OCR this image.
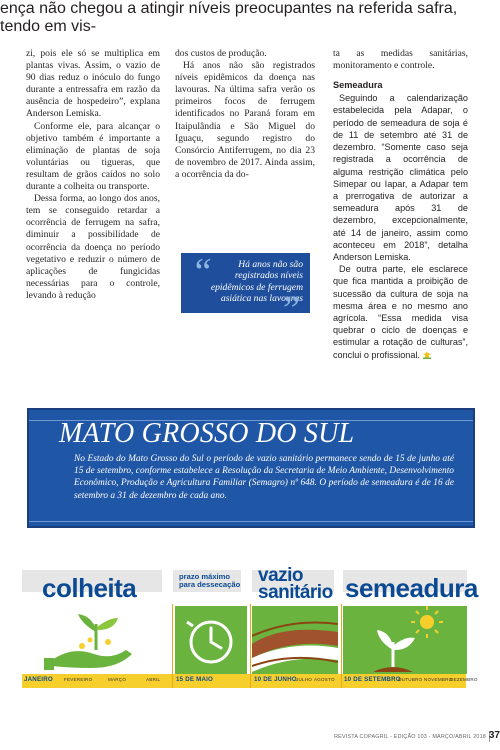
zi, pois ele só se multiplica em plantas vivas. Assim, o vazio de 90 dias reduz o inóculo do fungo durante a entressafra em razão da ausência de hospedeiro”, explana Anderson Lemiska.

Conforme ele, para alcançar o objetivo também é importante a eliminação de plantas de soja voluntárias ou tigueras, que resultam de grãos caídos no solo durante a colheita ou transporte.

Dessa forma, ao longo dos anos, tem se conseguido retardar a ocorrência de ferrugem na safra, diminuir a possibilidade de ocorrência da doença no período vegetativo e reduzir o número de aplicações de fungicidas necessárias para o controle, levando à redução

dos custos de produção.

Há anos não são registrados níveis epidêmicos da doença nas lavouras. Na última safra verão os primeiros focos de ferrugem identificados no Paraná foram em Itaipulândia e São Miguel do Iguaçu, segundo registro do Consórcio Antiferrugem, no dia 23 de novembro de 2017. Ainda assim, a ocorrência da do-

“	Há anos não são registrados níveis epidêmicos de ferrugem asiática nas lavouras
”
ença não chegou a atingir níveis preocupantes na referida safra, tendo em vis-

ta as medidas sanitárias, monitoramento e controle.

Semeadura

Seguindo a calendarização estabelecida pela Adapar, o período de semeadura de soja é de 11 de setembro até 31 de dezembro. “Somente caso seja registrada a ocorrência de alguma restrição climática pelo Simepar ou Iapar, a Adapar tem a prerrogativa de autorizar a semeadura após 31 de dezembro, excepcionalmente, até 14 de janeiro, assim como aconteceu em 2018”, detalha Anderson Lemiska.

De outra parte, ele esclarece que fica mantida a proibição de sucessão da cultura de soja na mesma área e no mesmo ano agrícola. “Essa medida visa quebrar o ciclo de doenças e estimular a rotação de culturas”, conclui o profissional.

MATO GROSSO DO SUL
No Estado do Mato Grosso do Sul o período de vazio sanitário permanece sendo de 15 de junho até 15 de setembro, conforme estabelece a Resolução da Secretaria de Meio Ambiente, Desenvolvimento Econômico, Produção e Agricultura Familiar (Semagro) nº 648. O período de semeadura é de 16 de setembro a 31 de dezembro de cada ano.
colheita	prazo máximo
para dessecação vazio
sanitário semeadura
JANEIRO FEVEREIRO	MARÇO	ABRIL	15 DE MAIO	10 DE JUNHO JULHO AGOSTO 10 DE SETEMBRO
OUTUBRO NOVEMBRO
DEZEMBRO
REVISTA COPAGRIL - EDIÇÃO 103 - MARÇO/ABRIL 2018 37
